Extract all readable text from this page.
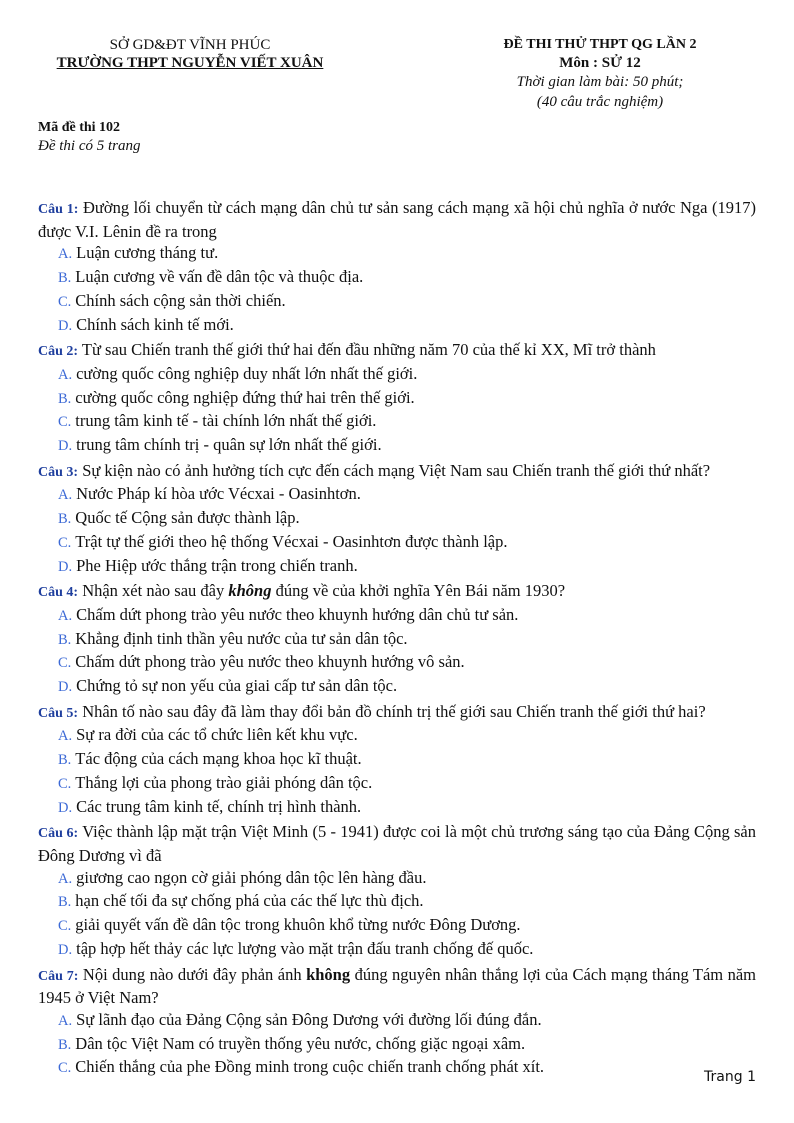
SỞ GD&ĐT VĨNH PHÚC
TRƯỜNG THPT NGUYỄN VIẾT XUÂN
ĐỀ THI THỬ THPT QG LẦN 2
Môn : SỬ 12
Thời gian làm bài: 50 phút;
(40 câu trắc nghiệm)
Mã đề thi 102
Đề thi có 5 trang
Câu 1: Đường lối chuyển từ cách mạng dân chủ tư sản sang cách mạng xã hội chủ nghĩa ở nước Nga (1917) được V.I. Lênin đề ra trong
A. Luận cương tháng tư.
B. Luận cương về vấn đề dân tộc và thuộc địa.
C. Chính sách cộng sản thời chiến.
D. Chính sách kinh tế mới.
Câu 2: Từ sau Chiến tranh thế giới thứ hai đến đầu những năm 70 của thế kỉ XX, Mĩ trở thành
A. cường quốc công nghiệp duy nhất lớn nhất thế giới.
B. cường quốc công nghiệp đứng thứ hai trên thế giới.
C. trung tâm kinh tế - tài chính lớn nhất thế giới.
D. trung tâm chính trị - quân sự lớn nhất thế giới.
Câu 3: Sự kiện nào có ảnh hưởng tích cực đến cách mạng Việt Nam sau Chiến tranh thế giới thứ nhất?
A. Nước Pháp kí hòa ước Vécxai - Oasinhtơn.
B. Quốc tế Cộng sản được thành lập.
C. Trật tự thế giới theo hệ thống Vécxai - Oasinhtơn được thành lập.
D. Phe Hiệp ước thắng trận trong chiến tranh.
Câu 4: Nhận xét nào sau đây không đúng về của khởi nghĩa Yên Bái năm 1930?
A. Chấm dứt phong trào yêu nước theo khuynh hướng dân chủ tư sản.
B. Khẳng định tinh thần yêu nước của tư sản dân tộc.
C. Chấm dứt phong trào yêu nước theo khuynh hướng vô sản.
D. Chứng tỏ sự non yếu của giai cấp tư sản dân tộc.
Câu 5: Nhân tố nào sau đây đã làm thay đổi bản đồ chính trị thế giới sau Chiến tranh thế giới thứ hai?
A. Sự ra đời của các tổ chức liên kết khu vực.
B. Tác động của cách mạng khoa học kĩ thuật.
C. Thắng lợi của phong trào giải phóng dân tộc.
D. Các trung tâm kinh tế, chính trị hình thành.
Câu 6: Việc thành lập mặt trận Việt Minh (5 - 1941) được coi là một chủ trương sáng tạo của Đảng Cộng sản Đông Dương vì đã
A. giương cao ngọn cờ giải phóng dân tộc lên hàng đầu.
B. hạn chế tối đa sự chống phá của các thế lực thù địch.
C. giải quyết vấn đề dân tộc trong khuôn khổ từng nước Đông Dương.
D. tập hợp hết thảy các lực lượng vào mặt trận đấu tranh chống đế quốc.
Câu 7: Nội dung nào dưới đây phản ánh không đúng nguyên nhân thắng lợi của Cách mạng tháng Tám năm 1945 ở Việt Nam?
A. Sự lãnh đạo của Đảng Cộng sản Đông Dương với đường lối đúng đắn.
B. Dân tộc Việt Nam có truyền thống yêu nước, chống giặc ngoại xâm.
C. Chiến thắng của phe Đồng minh trong cuộc chiến tranh chống phát xít.
Trang 1
